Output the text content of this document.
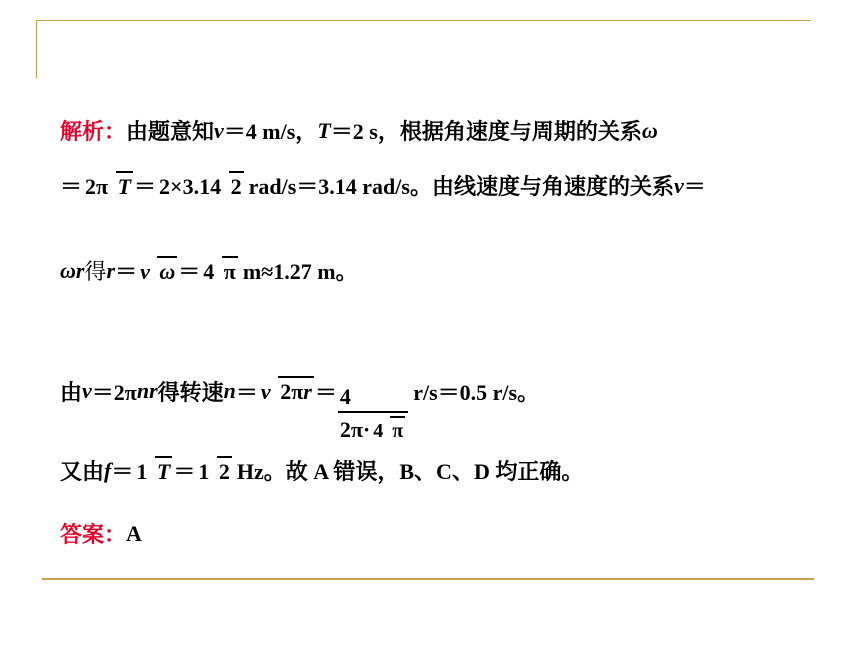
解析： 由题意知 v ＝4 m/s， T ＝2 s，根据角速度与周期的关系 ω
＝ 2π T ＝ 2×3.14 2 rad/s＝3.14 rad/s。由线速度与角速度的关系 v ＝
ωr 得 r ＝ v ω ＝ 4 π m≈1.27 m。
由 v ＝2π nr 得转速 n ＝ v $2\pi r = \frac{4}{2\pi\cdot 4 \pi} r/s=0.5$ r/s。
又由 f ＝ 1 T ＝ 1 2 Hz。故 A 错误，B、C、D 均正确。
答案： A
